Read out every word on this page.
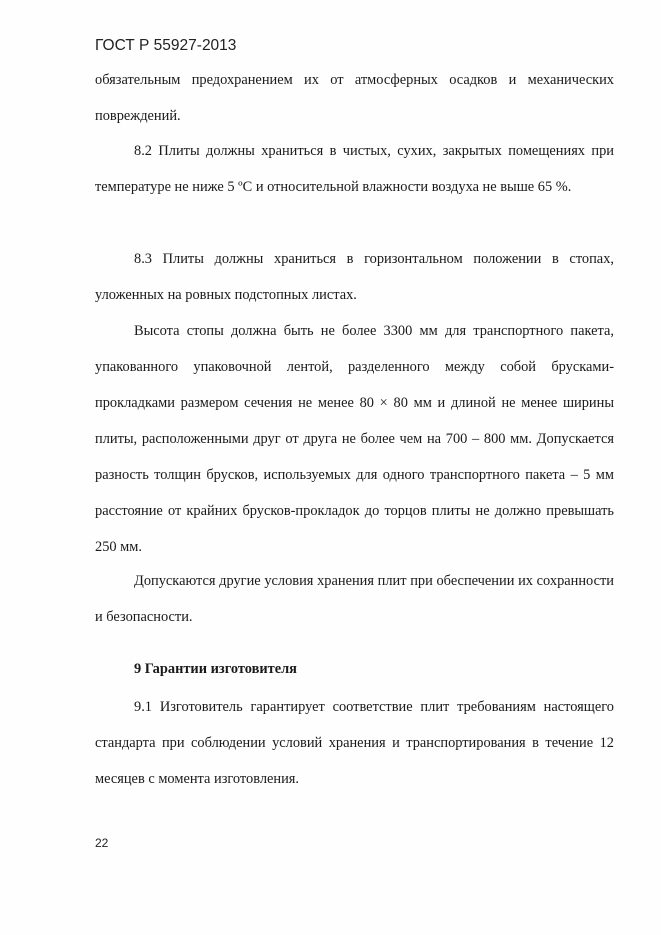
ГОСТ Р 55927-2013

обязательным предохранением их от атмосферных осадков и механических повреждений.

8.2 Плиты должны храниться в чистых, сухих, закрытых помещениях при температуре не ниже 5 ºС и относительной влажности воздуха не выше 65 %.

8.3 Плиты должны храниться в горизонтальном положении в стопах, уложенных на ровных подстопных листах.

Высота стопы должна быть не более 3300 мм для транспортного пакета, упакованного упаковочной лентой, разделенного между собой брусками-прокладками размером сечения не менее 80 × 80 мм и длиной не менее ширины плиты, расположенными друг от друга не более чем на 700 – 800 мм. Допускается разность толщин брусков, используемых для одного транспортного пакета – 5 мм расстояние от крайних брусков-прокладок до торцов плиты не должно превышать 250 мм.

Допускаются другие условия хранения плит при обеспечении их сохранности и безопасности.

9 Гарантии изготовителя

9.1 Изготовитель гарантирует соответствие плит требованиям настоящего стандарта при соблюдении условий хранения и транспортирования в течение 12 месяцев с момента изготовления.

22
